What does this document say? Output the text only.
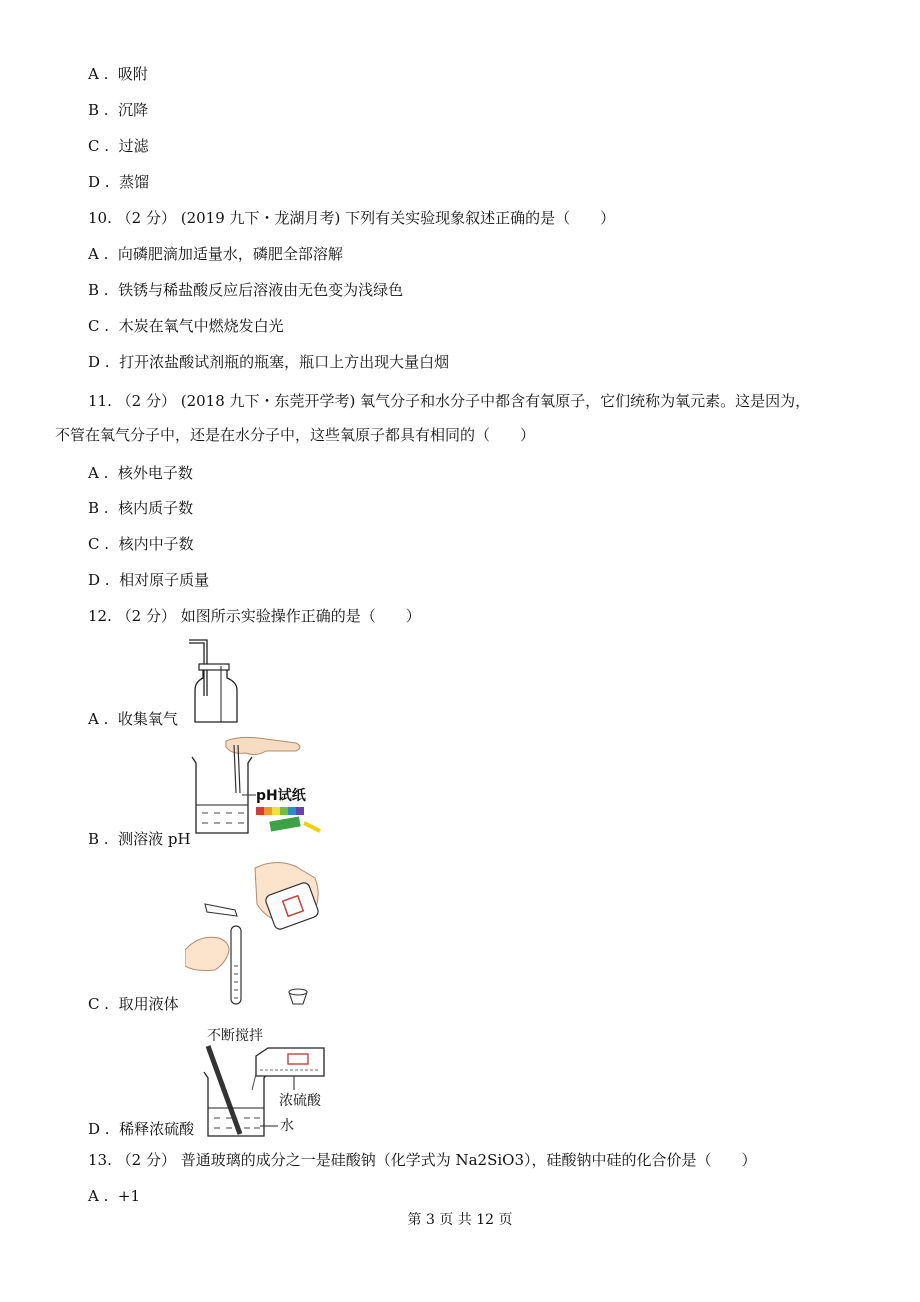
A . 吸附
B . 沉降
C . 过滤
D . 蒸馏
10. （2 分） (2019 九下・龙湖月考) 下列有关实验现象叙述正确的是（　　）
A . 向磷肥滴加适量水，磷肥全部溶解
B . 铁锈与稀盐酸反应后溶液由无色变为浅绿色
C . 木炭在氧气中燃烧发白光
D . 打开浓盐酸试剂瓶的瓶塞，瓶口上方出现大量白烟
11. （2 分） (2018 九下・东莞开学考) 氧气分子和水分子中都含有氧原子，它们统称为氧元素。这是因为，
不管在氧气分子中，还是在水分子中，这些氧原子都具有相同的（　　）
A . 核外电子数
B . 核内质子数
C . 核内中子数
D . 相对原子质量
12. （2 分） 如图所示实验操作正确的是（　　）
A . 收集氧气
pH试纸
B . 测溶液 pH
C . 取用液体
不断搅拌
浓硫酸
水
D . 稀释浓硫酸
13. （2 分） 普通玻璃的成分之一是硅酸钠（化学式为 Na2SiO3），硅酸钠中硅的化合价是（　　）
A . +1
第 3 页 共 12 页
